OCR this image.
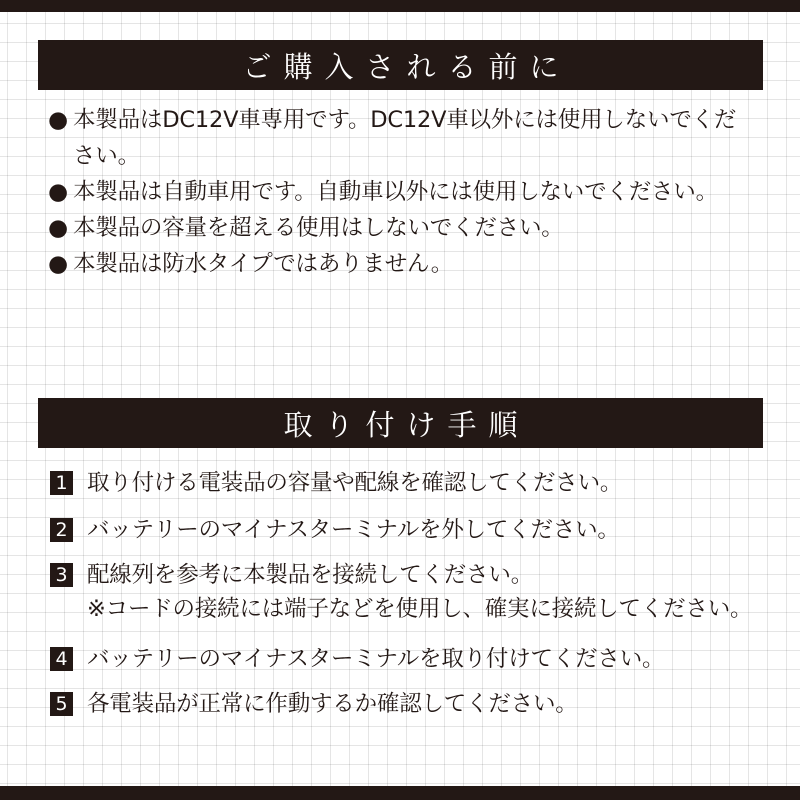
ご購入される前に
● 本製品はDC12V車専用です。DC12V車以外には使用しないでください。
● 本製品は自動車用です。自動車以外には使用しないでください。
● 本製品の容量を超える使用はしないでください。
● 本製品は防水タイプではありません。
取り付け手順
1 取り付ける電装品の容量や配線を確認してください。
2 バッテリーのマイナスターミナルを外してください。
3 配線列を参考に本製品を接続してください。
※コードの接続には端子などを使用し、確実に接続してください。
4 バッテリーのマイナスターミナルを取り付けてください。
5 各電装品が正常に作動するか確認してください。
